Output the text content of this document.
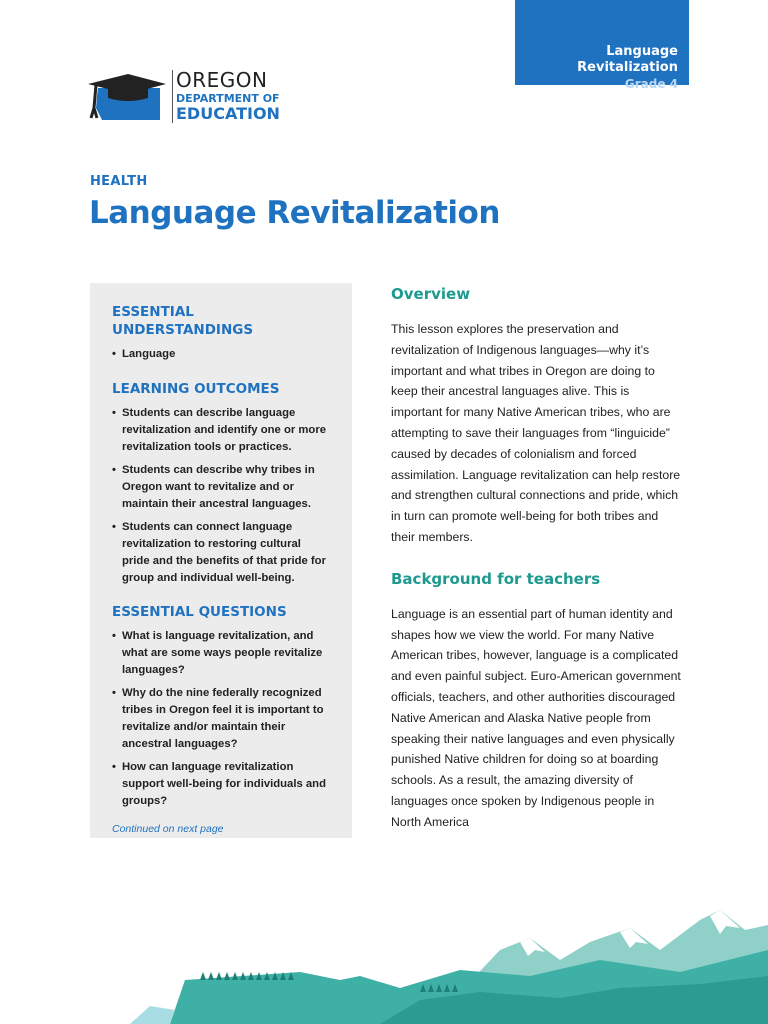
Language Revitalization
Grade 4
OREGON
DEPARTMENT OF
EDUCATION
HEALTH
Language Revitalization
ESSENTIAL UNDERSTANDINGS
• Language
LEARNING OUTCOMES
• Students can describe language revitalization and identify one or more revitalization tools or practices.
• Students can describe why tribes in Oregon want to revitalize and or maintain their ancestral languages.
• Students can connect language revitalization to restoring cultural pride and the benefits of that pride for group and individual well-being.
ESSENTIAL QUESTIONS
• What is language revitalization, and what are some ways people revitalize languages?
• Why do the nine federally recognized tribes in Oregon feel it is important to revitalize and/or maintain their ancestral languages?
• How can language revitalization support well-being for individuals and groups?
Continued on next page
Overview

This lesson explores the preservation and revitalization of Indigenous languages—why it’s important and what tribes in Oregon are doing to keep their ancestral languages alive. This is important for many Native American tribes, who are attempting to save their languages from “linguicide” caused by decades of colonialism and forced assimilation. Language revitalization can help restore and strengthen cultural connections and pride, which in turn can promote well-being for both tribes and their members.

Background for teachers

Language is an essential part of human identity and shapes how we view the world. For many Native American tribes, however, language is a complicated and even painful subject. Euro-American government officials, teachers, and other authorities discouraged Native American and Alaska Native people from speaking their native languages and even physically punished Native children for doing so at boarding schools. As a result, the amazing diversity of languages once spoken by Indigenous people in North America
